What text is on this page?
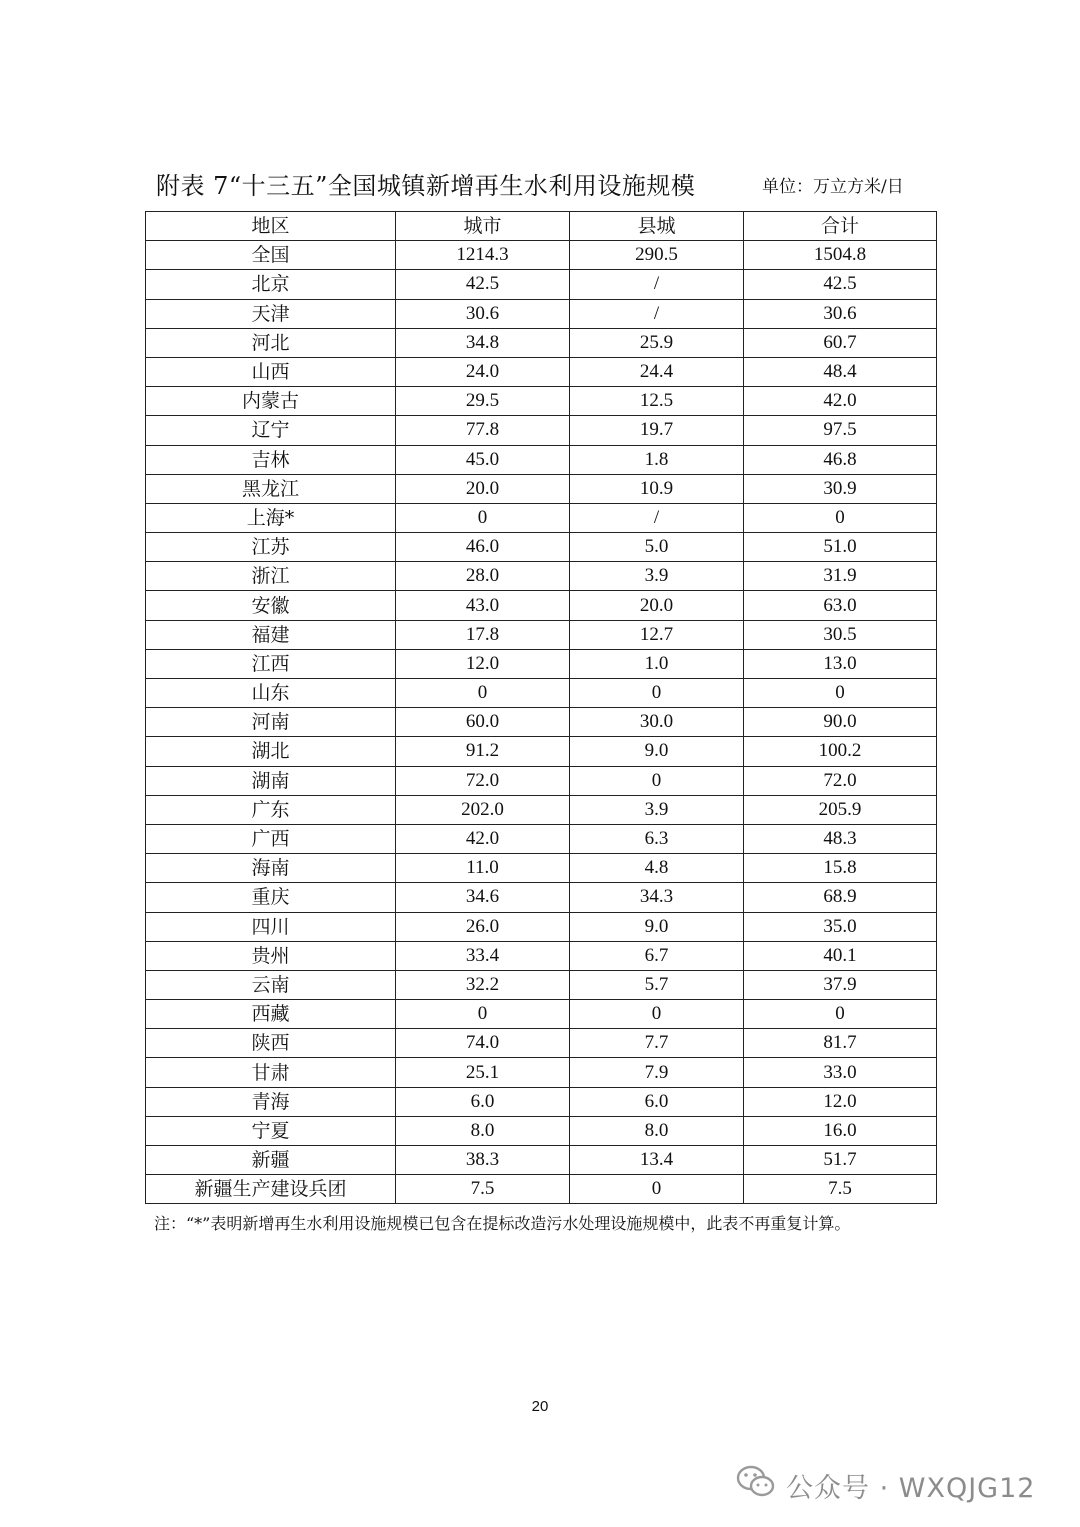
附表 7“十三五”全国城镇新增再生水利用设施规模	单位：万立方米/日
地区	城市	县城	合计
全国	1214.3	290.5	1504.8
北京	42.5	/	42.5
天津	30.6	/	30.6
河北	34.8	25.9	60.7
山西	24.0	24.4	48.4
内蒙古	29.5	12.5	42.0
辽宁	77.8	19.7	97.5
吉林	45.0	1.8	46.8
黑龙江	20.0	10.9	30.9
上海*	0	/	0
江苏	46.0	5.0	51.0
浙江	28.0	3.9	31.9
安徽	43.0	20.0	63.0
福建	17.8	12.7	30.5
江西	12.0	1.0	13.0
山东	0	0	0
河南	60.0	30.0	90.0
湖北	91.2	9.0	100.2
湖南	72.0	0	72.0
广东	202.0	3.9	205.9
广西	42.0	6.3	48.3
海南	11.0	4.8	15.8
重庆	34.6	34.3	68.9
四川	26.0	9.0	35.0
贵州	33.4	6.7	40.1
云南	32.2	5.7	37.9
西藏	0	0	0
陕西	74.0	7.7	81.7
甘肃	25.1	7.9	33.0
青海	6.0	6.0	12.0
宁夏	8.0	8.0	16.0
新疆	38.3	13.4	51.7
新疆生产建设兵团	7.5	0	7.5
注：“*”表明新增再生水利用设施规模已包含在提标改造污水处理设施规模中，此表不再重复计算。
20
公众号 · WXQJG12
